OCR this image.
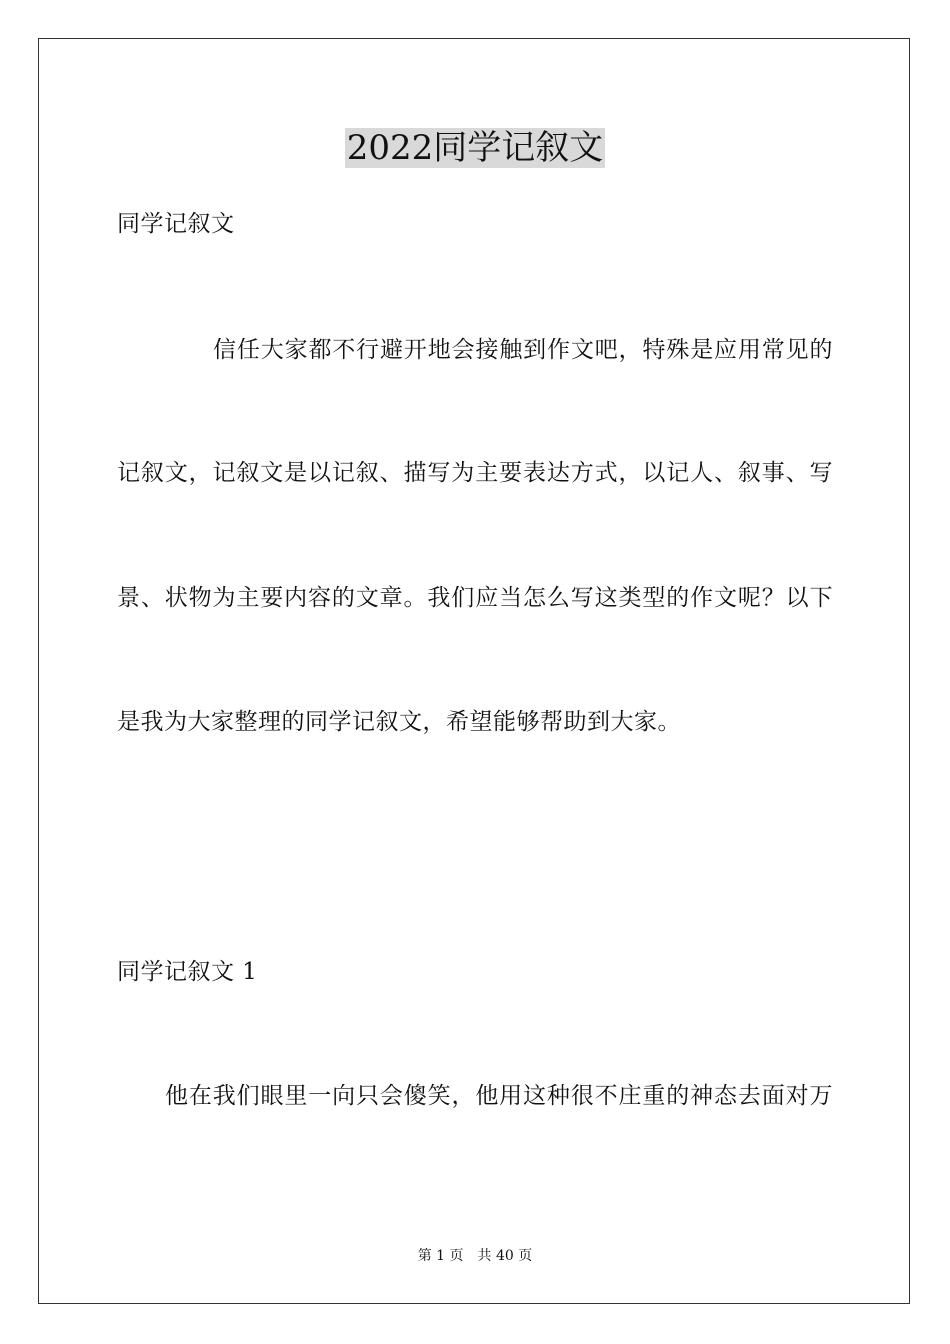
2022同学记叙文
同学记叙文
信任大家都不行避开地会接触到作文吧，特殊是应用常见的
记叙文，记叙文是以记叙、描写为主要表达方式，以记人、叙事、写
景、状物为主要内容的文章。我们应当怎么写这类型的作文呢？以下
是我为大家整理的同学记叙文，希望能够帮助到大家。
同学记叙文 1
他在我们眼里一向只会傻笑，他用这种很不庄重的神态去面对万
第 1 页 共 40 页
